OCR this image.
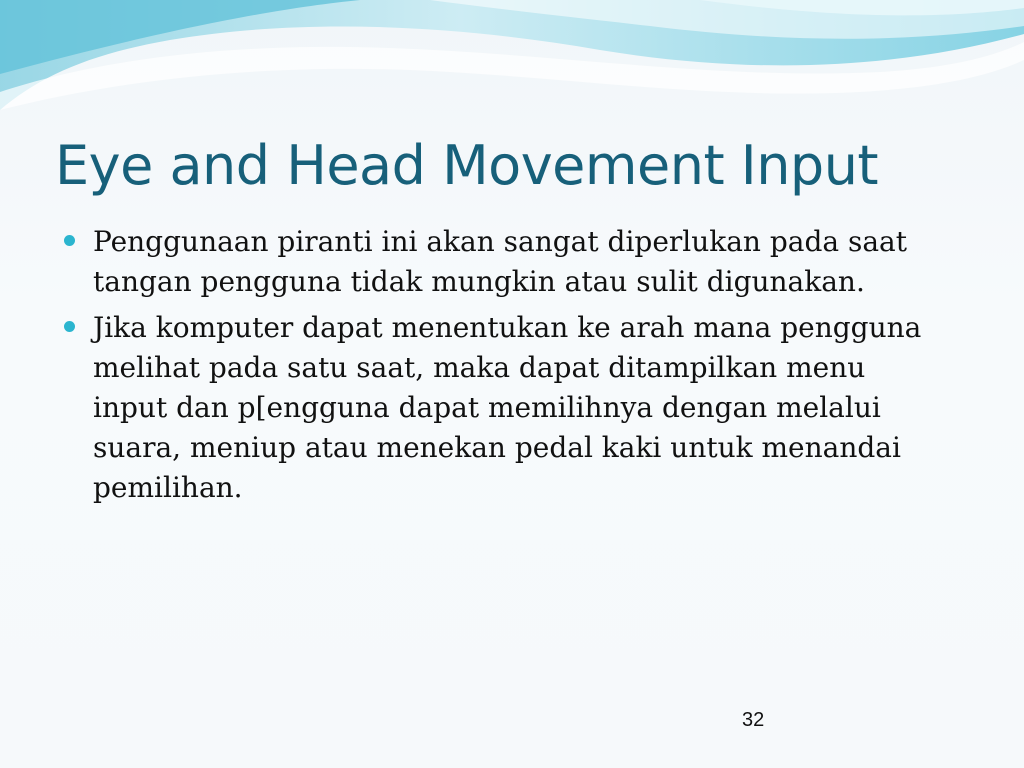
Eye and Head Movement Input
Penggunaan piranti ini akan sangat diperlukan pada saat tangan pengguna tidak mungkin atau sulit digunakan.
Jika komputer dapat menentukan ke arah mana pengguna melihat pada satu saat, maka dapat ditampilkan menu input dan p[engguna dapat memilihnya dengan melalui suara, meniup atau menekan pedal kaki untuk menandai pemilihan.
32
